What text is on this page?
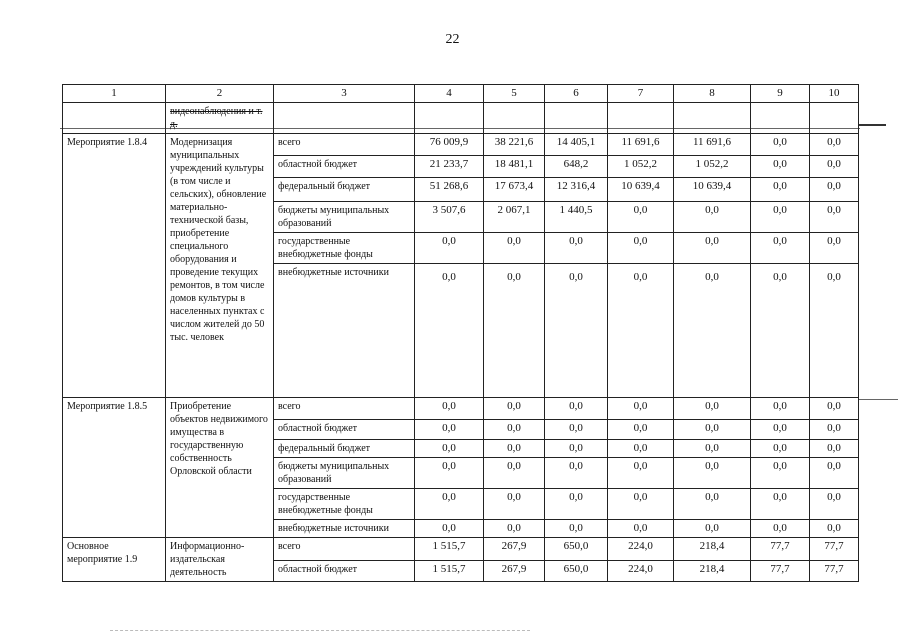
22
1	2	3	4	5	6	7	8	9	10
	видеонаблюдения и т. д.								
Мероприятие 1.8.4	Модернизация муниципальных учреждений культуры (в том числе и сельских), обновление материально-технической базы, приобретение специального оборудования и проведение текущих ремонтов, в том числе домов культуры в населенных пунктах с числом жителей до 50 тыс. человек	всего	76 009,9	38 221,6	14 405,1	11 691,6	11 691,6	0,0	0,0
		областной бюджет	21 233,7	18 481,1	648,2	1 052,2	1 052,2	0,0	0,0
		федеральный бюджет	51 268,6	17 673,4	12 316,4	10 639,4	10 639,4	0,0	0,0
		бюджеты муниципальных образований	3 507,6	2 067,1	1 440,5	0,0	0,0	0,0	0,0
		государственные внебюджетные фонды	0,0	0,0	0,0	0,0	0,0	0,0	0,0
		внебюджетные источники	0,0	0,0	0,0	0,0	0,0	0,0	0,0
Мероприятие 1.8.5	Приобретение объектов недвижимого имущества в государственную собственность Орловской области	всего	0,0	0,0	0,0	0,0	0,0	0,0	0,0
		областной бюджет	0,0	0,0	0,0	0,0	0,0	0,0	0,0
		федеральный бюджет	0,0	0,0	0,0	0,0	0,0	0,0	0,0
		бюджеты муниципальных образований	0,0	0,0	0,0	0,0	0,0	0,0	0,0
		государственные внебюджетные фонды	0,0	0,0	0,0	0,0	0,0	0,0	0,0
		внебюджетные источники	0,0	0,0	0,0	0,0	0,0	0,0	0,0
Основное мероприятие 1.9	Информационно-издательская деятельность	всего	1 515,7	267,9	650,0	224,0	218,4	77,7	77,7
		областной бюджет	1 515,7	267,9	650,0	224,0	218,4	77,7	77,7
